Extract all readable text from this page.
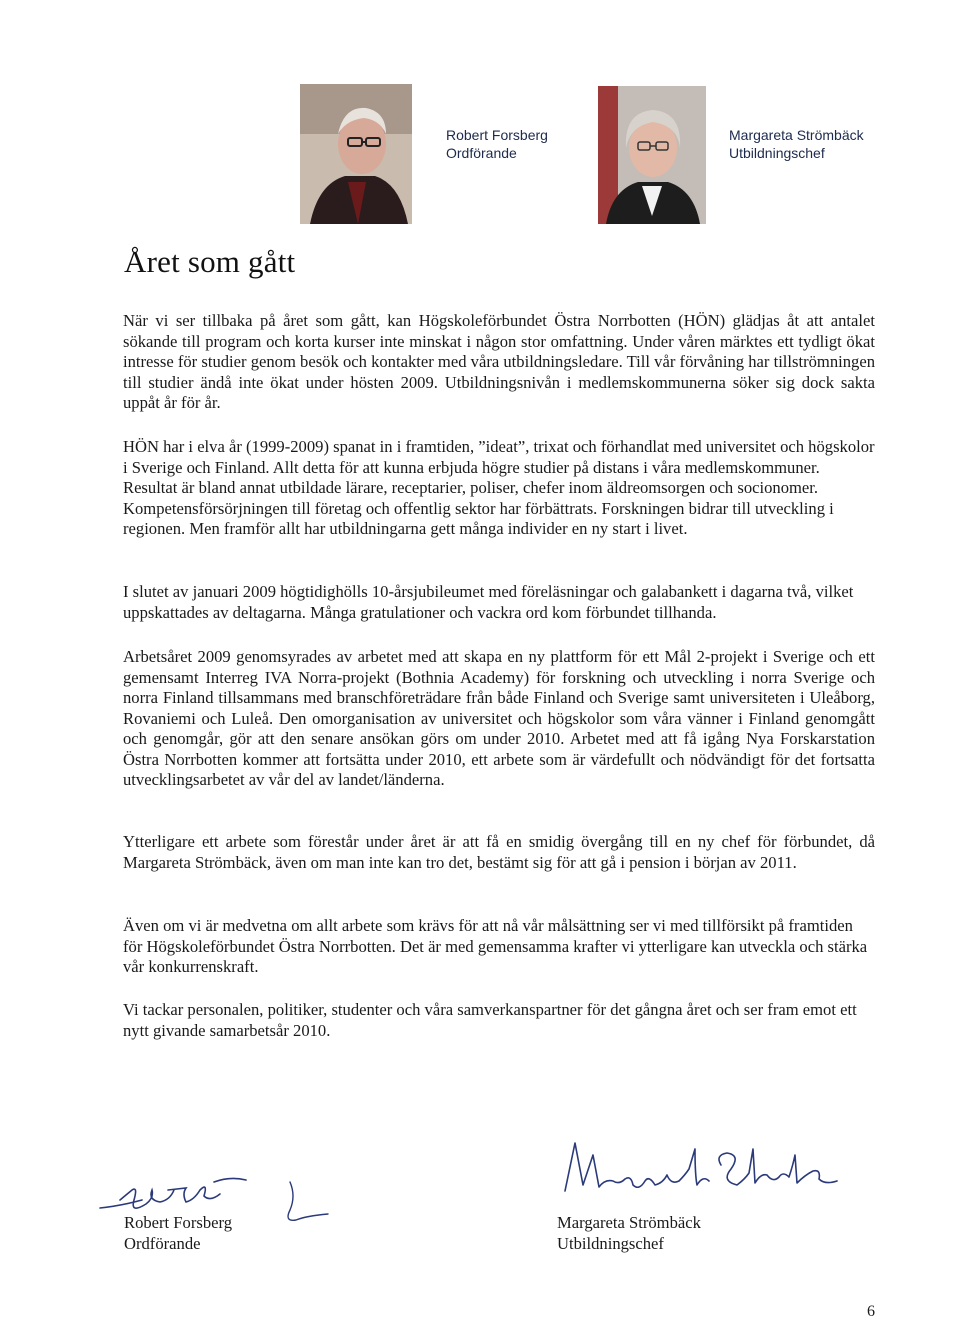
Robert Forsberg
Ordförande
Margareta Strömbäck
Utbildningschef
Året som gått

När vi ser tillbaka på året som gått, kan Högskoleförbundet Östra Norrbotten (HÖN) glädjas åt att antalet sökande till program och korta kurser inte minskat i någon stor omfattning. Under våren märktes ett tydligt ökat intresse för studier genom besök och kontakter med våra utbildningsledare. Till vår förvåning har tillströmningen till studier ändå inte ökat under hösten 2009. Utbildningsnivån i medlemskommunerna söker sig dock sakta uppåt år för år.

HÖN har i elva år (1999-2009) spanat in i framtiden, ”ideat”, trixat och förhandlat med universitet och högskolor i Sverige och Finland. Allt detta för att kunna erbjuda högre studier på distans i våra medlemskommuner. Resultat är bland annat utbildade lärare, receptarier, poliser, chefer inom äldreomsorgen och socionomer. Kompetensförsörjningen till företag och offentlig sektor har förbättrats. Forskningen bidrar till utveckling i regionen. Men framför allt har utbildningarna gett många individer en ny start i livet.

I slutet av januari 2009 högtidighölls 10-årsjubileumet med föreläsningar och galabankett i dagarna två, vilket uppskattades av deltagarna. Många gratulationer och vackra ord kom förbundet tillhanda.

Arbetsåret 2009 genomsyrades av arbetet med att skapa en ny plattform för ett Mål 2-projekt i Sverige och ett gemensamt Interreg IVA Norra-projekt (Bothnia Academy) för forskning och utveckling i norra Sverige och norra Finland tillsammans med branschföreträdare från både Finland och Sverige samt universiteten i Uleåborg, Rovaniemi och Luleå. Den omorganisation av universitet och högskolor som våra vänner i Finland genomgått och genomgår, gör att den senare ansökan görs om under 2010. Arbetet med att få igång Nya Forskarstation Östra Norrbotten kommer att fortsätta under 2010, ett arbete som är värdefullt och nödvändigt för det fortsatta utvecklingsarbetet av vår del av landet/länderna.

Ytterligare ett arbete som förestår under året är att få en smidig övergång till en ny chef för förbundet, då Margareta Strömbäck, även om man inte kan tro det, bestämt sig för att gå i pension i början av 2011.

Även om vi är medvetna om allt arbete som krävs för att nå vår målsättning ser vi med tillförsikt på framtiden för Högskoleförbundet Östra Norrbotten. Det är med gemensamma krafter vi ytterligare kan utveckla och stärka vår konkurrenskraft.

Vi tackar personalen, politiker, studenter och våra samverkanspartner för det gångna året och ser fram emot ett nytt givande samarbetsår 2010.

Robert Forsberg
Ordförande
Margareta Strömbäck
Utbildningschef
6
